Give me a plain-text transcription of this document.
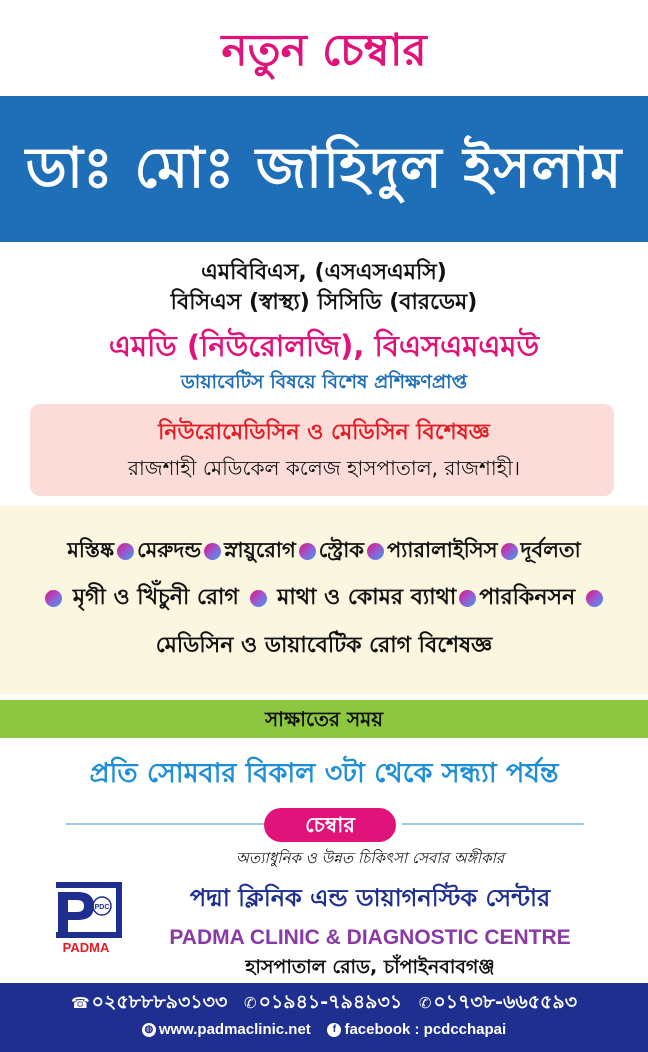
নতুন চেম্বার
ডাঃ মোঃ জাহিদুল ইসলাম
এমবিবিএস, (এসএসএমসি)
বিসিএস (স্বাস্থ্য) সিসিডি (বারডেম)
এমডি (নিউরোলজি), বিএসএমএমউ
ডায়াবেটিস বিষয়ে বিশেষ প্রশিক্ষণপ্রাপ্ত
নিউরোমেডিসিন ও মেডিসিন বিশেষজ্ঞ
রাজশাহী মেডিকেল কলেজ হাসপাতাল, রাজশাহী।
মস্তিষ্ক মেরুদন্ড স্নায়ুরোগ স্ট্রোক প্যারালাইসিস দূর্বলতা
মৃগী ও খিঁচুনী রোগ মাথা ও কোমর ব্যাথা পারকিনসন
মেডিসিন ও ডায়াবেটিক রোগ বিশেষজ্ঞ
সাক্ষাতের সময়
প্রতি সোমবার বিকাল ৩টা থেকে সন্ধ্যা পর্যন্ত
চেম্বার
অত্যাধুনিক ও উন্নত চিকিৎসা সেবার অঙ্গীকার
PDC
PADMA
পদ্মা ক্লিনিক এন্ড ডায়াগনস্টিক সেন্টার
PADMA CLINIC & DIAGNOSTIC CENTRE
হাসপাতাল রোড, চাঁপাইনবাবগঞ্জ
☎ ০২৫৮৮৮৯৩১৩৩ ✆ ০১৯৪১-৭৯৪৯৩১ ✆ ০১৭৩৮-৬৬৫৫৯৩
◍ www.padmaclinic.net f facebook : pcdcchapai
